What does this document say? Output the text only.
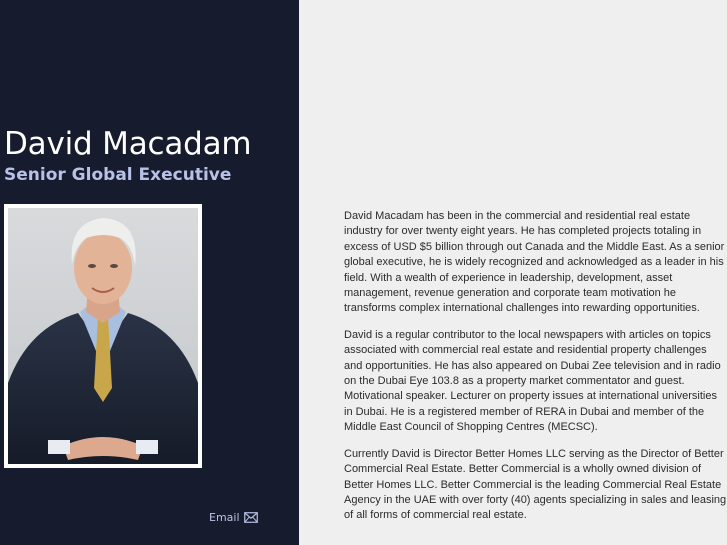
David Macadam
Senior Global Executive
Email

David Macadam has been in the commercial and residential real estate industry for over twenty eight years. He has completed projects totaling in excess of USD $5 billion through out Canada and the Middle East. As a senior global executive, he is widely recognized and acknowledged as a leader in his field. With a wealth of experience in leadership, development, asset management, revenue generation and corporate team motivation he transforms complex international challenges into rewarding opportunities.

David is a regular contributor to the local newspapers with articles on topics associated with commercial real estate and residential property challenges and opportunities. He has also appeared on Dubai Zee television and in radio on the Dubai Eye 103.8 as a property market commentator and guest. Motivational speaker. Lecturer on property issues at international universities in Dubai. He is a registered member of RERA in Dubai and member of the Middle East Council of Shopping Centres (MECSC).

Currently David is Director Better Homes LLC serving as the Director of Better Commercial Real Estate. Better Commercial is a wholly owned division of Better Homes LLC. Better Commercial is the leading Commercial Real Estate Agency in the UAE with over forty (40) agents specializing in sales and leasing of all forms of commercial real estate.
